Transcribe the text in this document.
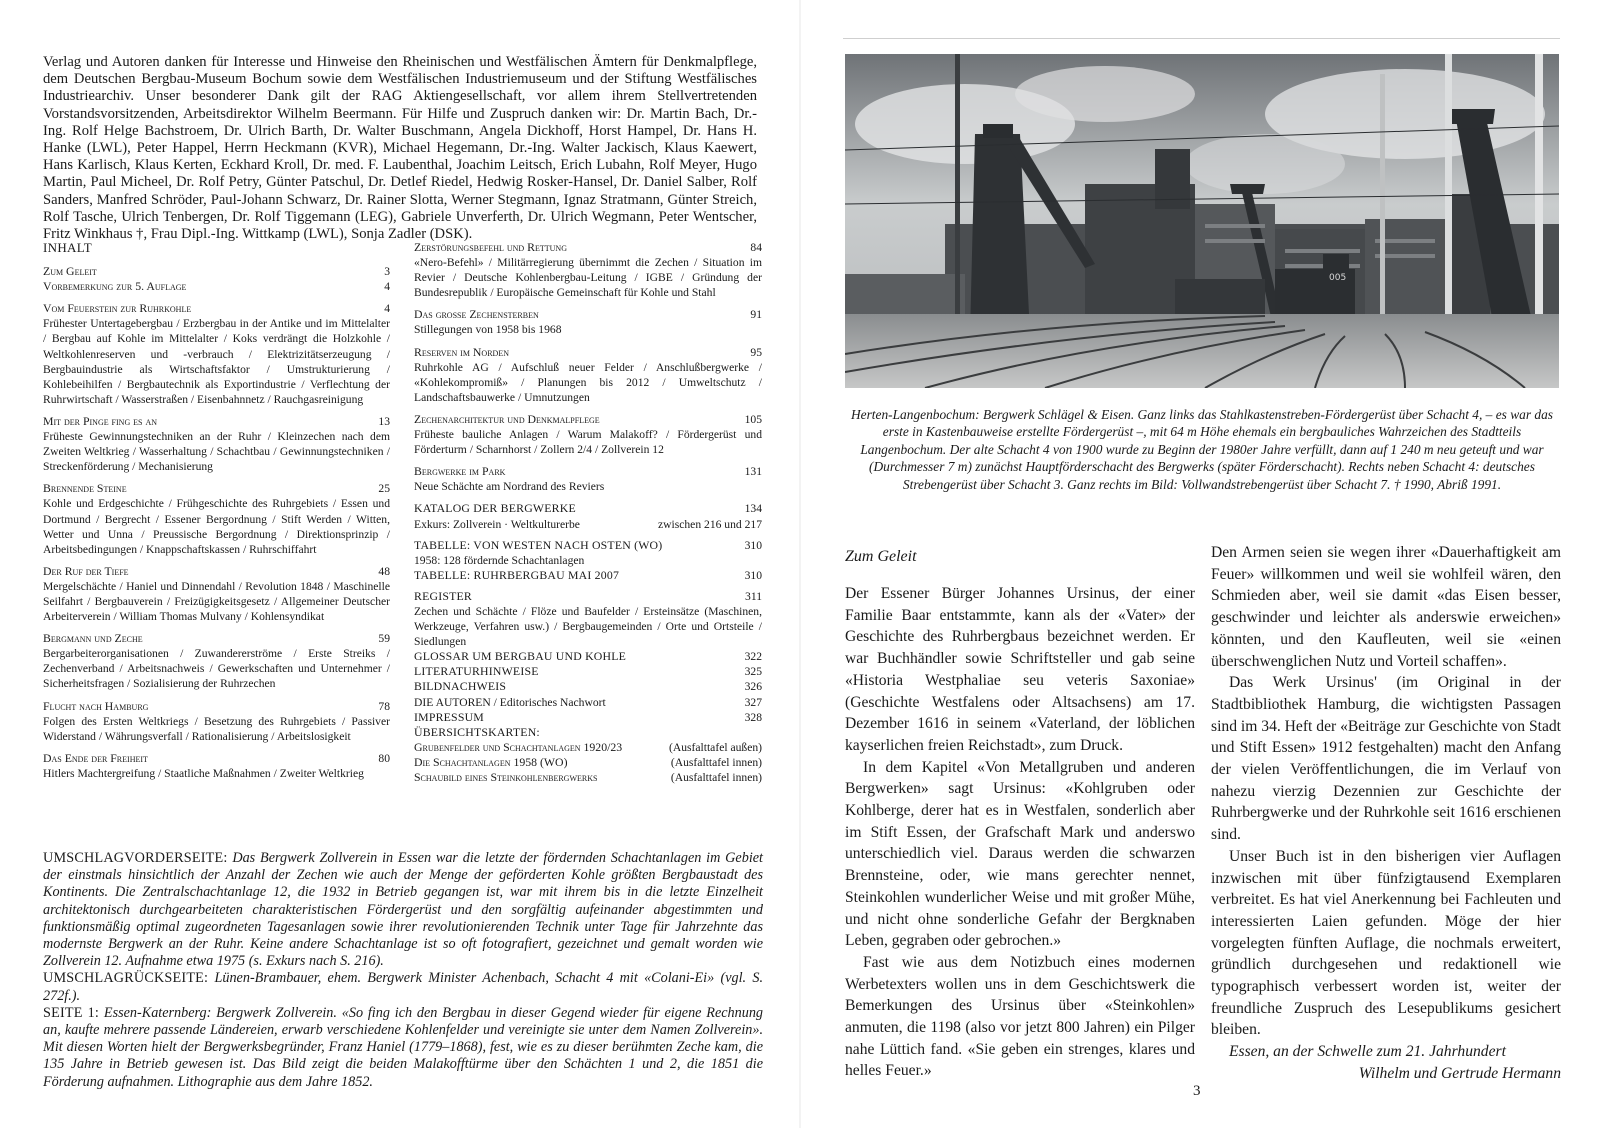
Verlag und Autoren danken für Interesse und Hinweise den Rheinischen und Westfälischen Ämtern für Denkmalpflege, dem Deutschen Bergbau-Museum Bochum sowie dem Westfälischen Industriemuseum und der Stiftung Westfälisches Industriearchiv. Unser besonderer Dank gilt der RAG Aktiengesellschaft, vor allem ihrem Stellvertretenden Vorstandsvorsitzenden, Arbeitsdirektor Wilhelm Beermann. Für Hilfe und Zuspruch danken wir: Dr. Martin Bach, Dr.-Ing. Rolf Helge Bachstroem, Dr. Ulrich Barth, Dr. Walter Buschmann, Angela Dickhoff, Horst Hampel, Dr. Hans H. Hanke (LWL), Peter Happel, Herrn Heckmann (KVR), Michael Hegemann, Dr.-Ing. Walter Jackisch, Klaus Kaewert, Hans Karlisch, Klaus Kerten, Eckhard Kroll, Dr. med. F. Laubenthal, Joachim Leitsch, Erich Lubahn, Rolf Meyer, Hugo Martin, Paul Micheel, Dr. Rolf Petry, Günter Patschul, Dr. Detlef Riedel, Hedwig Rosker-Hansel, Dr. Daniel Salber, Rolf Sanders, Manfred Schröder, Paul-Johann Schwarz, Dr. Rainer Slotta, Werner Stegmann, Ignaz Stratmann, Günter Streich, Rolf Tasche, Ulrich Tenbergen, Dr. Rolf Tiggemann (LEG), Gabriele Unverferth, Dr. Ulrich Wegmann, Peter Wentscher, Fritz Winkhaus †, Frau Dipl.-Ing. Wittkamp (LWL), Sonja Zadler (DSK).

INHALT
Zum Geleit	3
Vorbemerkung zur 5. Auflage	4
Vom Feuerstein zur Ruhrkohle	4
Frühester Untertagebergbau / Erzbergbau in der Antike und im Mittelalter / Bergbau auf Kohle im Mittelalter / Koks verdrängt die Holzkohle / Weltkohlenreserven und -verbrauch / Elektrizitätserzeugung / Bergbauindustrie als Wirtschaftsfaktor / Umstrukturierung / Kohlebeihilfen / Bergbautechnik als Exportindustrie / Verflechtung der Ruhrwirtschaft / Wasserstraßen / Eisenbahnnetz / Rauchgasreinigung
Mit der Pinge fing es an	13
Früheste Gewinnungstechniken an der Ruhr / Kleinzechen nach dem Zweiten Weltkrieg / Wasserhaltung / Schachtbau / Gewinnungstechniken / Streckenförderung / Mechanisierung
Brennende Steine	25
Kohle und Erdgeschichte / Frühgeschichte des Ruhrgebiets / Essen und Dortmund / Bergrecht / Essener Bergordnung / Stift Werden / Witten, Wetter und Unna / Preussische Bergordnung / Direktionsprinzip / Arbeitsbedingungen / Knappschaftskassen / Ruhrschiffahrt
Der Ruf der Tiefe	48
Mergelschächte / Haniel und Dinnendahl / Revolution 1848 / Maschinelle Seilfahrt / Bergbauverein / Freizügigkeitsgesetz / Allgemeiner Deutscher Arbeiterverein / William Thomas Mulvany / Kohlensyndikat
Bergmann und Zeche	59
Bergarbeiterorganisationen / Zuwandererströme / Erste Streiks / Zechenverband / Arbeitsnachweis / Gewerkschaften und Unternehmer / Sicherheitsfragen / Sozialisierung der Ruhrzechen
Flucht nach Hamburg	78
Folgen des Ersten Weltkriegs / Besetzung des Ruhrgebiets / Passiver Widerstand / Währungsverfall / Rationalisierung / Arbeitslosigkeit
Das Ende der Freiheit	80
Hitlers Machtergreifung / Staatliche Maßnahmen / Zweiter Weltkrieg
Zerstörungsbefehl und Rettung	84
«Nero-Befehl» / Militärregierung übernimmt die Zechen / Situation im Revier / Deutsche Kohlenbergbau-Leitung / IGBE / Gründung der Bundesrepublik / Europäische Gemeinschaft für Kohle und Stahl
Das grosse Zechensterben	91
Stillegungen von 1958 bis 1968
Reserven im Norden	95
Ruhrkohle AG / Aufschluß neuer Felder / Anschlußbergwerke / «Kohlekompromiß» / Planungen bis 2012 / Umweltschutz / Landschaftsbauwerke / Umnutzungen
Zechenarchitektur und Denkmalpflege	105
Früheste bauliche Anlagen / Warum Malakoff? / Fördergerüst und Förderturm / Scharnhorst / Zollern 2/4 / Zollverein 12
Bergwerke im Park	131
Neue Schächte am Nordrand des Reviers
KATALOG DER BERGWERKE	134
Exkurs: Zollverein · Weltkulturerbe	zwischen 216 und 217
TABELLE: VON WESTEN NACH OSTEN (WO)	310
1958: 128 fördernde Schachtanlagen
TABELLE: RUHRBERGBAU MAI 2007	310
REGISTER	311
Zechen und Schächte / Flöze und Baufelder / Ersteinsätze (Maschinen, Werkzeuge, Verfahren usw.) / Bergbaugemeinden / Orte und Ortsteile / Siedlungen
GLOSSAR UM BERGBAU UND KOHLE	322
LITERATURHINWEISE	325
BILDNACHWEIS	326
DIE AUTOREN / Editorisches Nachwort	327
IMPRESSUM	328
ÜBERSICHTSKARTEN:
Grubenfelder und Schachtanlagen 1920/23	(Ausfalttafel außen)
Die Schachtanlagen 1958 (WO)	(Ausfalttafel innen)
Schaubild eines Steinkohlenbergwerks	(Ausfalttafel innen)

UMSCHLAGVORDERSEITE: Das Bergwerk Zollverein in Essen war die letzte der fördernden Schachtanlagen im Gebiet der einstmals hinsichtlich der Anzahl der Zechen wie auch der Menge der geförderten Kohle größten Bergbaustadt des Kontinents. Die Zentralschachtanlage 12, die 1932 in Betrieb gegangen ist, war mit ihrem bis in die letzte Einzelheit architektonisch durchgearbeiteten charakteristischen Fördergerüst und den sorgfältig aufeinander abgestimmten und funktionsmäßig optimal zugeordneten Tagesanlagen sowie ihrer revolutionierenden Technik unter Tage für Jahrzehnte das modernste Bergwerk an der Ruhr. Keine andere Schachtanlage ist so oft fotografiert, gezeichnet und gemalt worden wie Zollverein 12. Aufnahme etwa 1975 (s. Exkurs nach S. 216).

UMSCHLAGRÜCKSEITE: Lünen-Brambauer, ehem. Bergwerk Minister Achenbach, Schacht 4 mit «Colani-Ei» (vgl. S. 272f.).

SEITE 1: Essen-Katernberg: Bergwerk Zollverein. «So fing ich den Bergbau in dieser Gegend wieder für eigene Rechnung an, kaufte mehrere passende Ländereien, erwarb verschiedene Kohlenfelder und vereinigte sie unter dem Namen Zollverein». Mit diesen Worten hielt der Bergwerksbegründer, Franz Haniel (1779–1868), fest, wie es zu dieser berühmten Zeche kam, die 135 Jahre in Betrieb gewesen ist. Das Bild zeigt die beiden Malakofftürme über den Schächten 1 und 2, die 1851 die Förderung aufnahmen. Lithographie aus dem Jahre 1852.

005

Herten-Langenbochum: Bergwerk Schlägel & Eisen. Ganz links das Stahlkastenstreben-Fördergerüst über Schacht 4, – es war das erste in Kastenbauweise erstellte Fördergerüst –, mit 64 m Höhe ehemals ein bergbauliches Wahrzeichen des Stadtteils Langenbochum. Der alte Schacht 4 von 1900 wurde zu Beginn der 1980er Jahre verfüllt, dann auf 1 240 m neu geteuft und war (Durchmesser 7 m) zunächst Hauptförderschacht des Bergwerks (später Förderschacht). Rechts neben Schacht 4: deutsches Strebengerüst über Schacht 3. Ganz rechts im Bild: Vollwandstrebengerüst über Schacht 7. † 1990, Abriß 1991.

Zum Geleit

Der Essener Bürger Johannes Ursinus, der einer Familie Baar entstammte, kann als der «Vater» der Geschichte des Ruhrbergbaus bezeichnet werden. Er war Buchhändler sowie Schriftsteller und gab seine «Historia Westphaliae seu veteris Saxoniae» (Geschichte Westfalens oder Altsachsens) am 17. Dezember 1616 in seinem «Vaterland, der löblichen kayserlichen freien Reichstadt», zum Druck.

In dem Kapitel «Von Metallgruben und anderen Bergwerken» sagt Ursinus: «Kohlgruben oder Kohlberge, derer hat es in Westfalen, sonderlich aber im Stift Essen, der Grafschaft Mark und anderswo unterschiedlich viel. Daraus werden die schwarzen Brennsteine, oder, wie mans gerechter nennet, Steinkohlen wunderlicher Weise und mit großer Mühe, und nicht ohne sonderliche Gefahr der Bergknaben Leben, gegraben oder gebrochen.»

Fast wie aus dem Notizbuch eines modernen Werbetexters wollen uns in dem Geschichtswerk die Bemerkungen des Ursinus über «Steinkohlen» anmuten, die 1198 (also vor jetzt 800 Jahren) ein Pilger nahe Lüttich fand. «Sie geben ein strenges, klares und helles Feuer.»

Den Armen seien sie wegen ihrer «Dauerhaftigkeit am Feuer» willkommen und weil sie wohlfeil wären, den Schmieden aber, weil sie damit «das Eisen besser, geschwinder und leichter als anderswie erweichen» könnten, und den Kaufleuten, weil sie «einen überschwenglichen Nutz und Vorteil schaffen».

Das Werk Ursinus' (im Original in der Stadtbibliothek Hamburg, die wichtigsten Passagen sind im 34. Heft der «Beiträge zur Geschichte von Stadt und Stift Essen» 1912 festgehalten) macht den Anfang der vielen Veröffentlichungen, die im Verlauf von nahezu vierzig Dezennien zur Geschichte der Ruhrbergwerke und der Ruhrkohle seit 1616 erschienen sind.

Unser Buch ist in den bisherigen vier Auflagen inzwischen mit über fünfzigtausend Exemplaren verbreitet. Es hat viel Anerkennung bei Fachleuten und interessierten Laien gefunden. Möge der hier vorgelegten fünften Auflage, die nochmals erweitert, gründlich durchgesehen und redaktionell wie typographisch verbessert worden ist, weiter der freundliche Zuspruch des Lesepublikums gesichert bleiben.

Essen, an der Schwelle zum 21. Jahrhundert

Wilhelm und Gertrude Hermann

3
